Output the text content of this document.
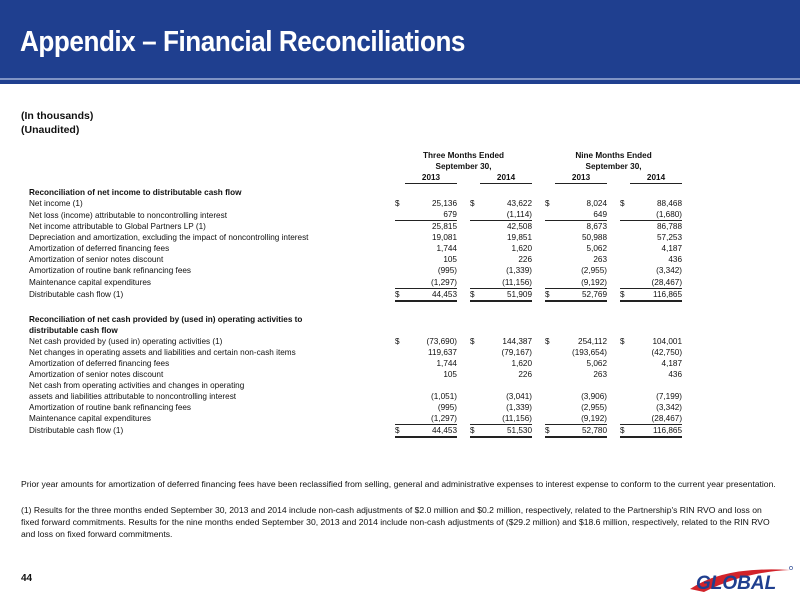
Appendix – Financial Reconciliations
(In thousands)
(Unaudited)
	Three Months Ended						Nine Months Ended				
	September 30,						September 30,				
		2013			2014			2013			2014

Reconciliation of net income to distributable cash flow											
Net income (1)	$	25,136		$	43,622		$	8,024		$	88,468
Net loss (income) attributable to noncontrolling interest		679			(1,114)			649			(1,680)
Net income attributable to Global Partners LP (1)		25,815			42,508			8,673			86,788
Depreciation and amortization, excluding the impact of noncontrolling interest		19,081			19,851			50,988			57,253
Amortization of deferred financing fees		1,744			1,620			5,062			4,187
Amortization of senior notes discount		105			226			263			436
Amortization of routine bank refinancing fees		(995)			(1,339)			(2,955)			(3,342)
Maintenance capital expenditures		(1,297)			(11,156)			(9,192)			(28,467)
Distributable cash flow (1)	$	44,453		$	51,909		$	52,769		$	116,865

Reconciliation of net cash provided by (used in) operating activities to											
distributable cash flow											
Net cash provided by (used in) operating activities (1)	$	(73,690)		$	144,387		$	254,112		$	104,001
Net changes in operating assets and liabilities and certain non-cash items		119,637			(79,167)			(193,654)			(42,750)
Amortization of deferred financing fees		1,744			1,620			5,062			4,187
Amortization of senior notes discount		105			226			263			436
Net cash from operating activities and changes in operating											
assets and liabilities attributable to noncontrolling interest		(1,051)			(3,041)			(3,906)			(7,199)
Amortization of routine bank refinancing fees		(995)			(1,339)			(2,955)			(3,342)
Maintenance capital expenditures		(1,297)			(11,156)			(9,192)			(28,467)
Distributable cash flow (1)	$	44,453		$	51,530		$	52,780		$	116,865
Prior year amounts for amortization of deferred financing fees have been reclassified from selling, general and administrative expenses to interest expense to conform to the current year presentation.
(1) Results for the three months ended September 30, 2013 and 2014 include non-cash adjustments of $2.0 million and $0.2 million, respectively, related to the Partnership's RIN RVO and loss on fixed forward commitments. Results for the nine months ended September 30, 2013 and 2014 include non-cash adjustments of ($29.2 million) and $18.6 million, respectively, related to the RIN RVO and loss on fixed forward commitments.
44	GLOBAL
